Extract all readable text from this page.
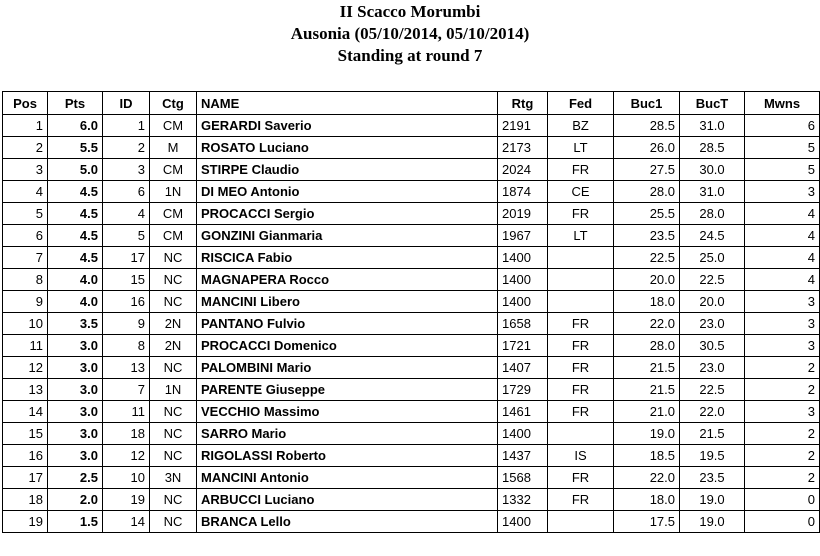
II Scacco Morumbi
Ausonia (05/10/2014, 05/10/2014)
Standing at round 7
Pos	Pts	ID	Ctg	NAME	Rtg	Fed	Buc1	BucT	Mwns
1	6.0	1	CM	GERARDI Saverio	2191	BZ	28.5	31.0	6
2	5.5	2	M	ROSATO Luciano	2173	LT	26.0	28.5	5
3	5.0	3	CM	STIRPE Claudio	2024	FR	27.5	30.0	5
4	4.5	6	1N	DI MEO Antonio	1874	CE	28.0	31.0	3
5	4.5	4	CM	PROCACCI Sergio	2019	FR	25.5	28.0	4
6	4.5	5	CM	GONZINI Gianmaria	1967	LT	23.5	24.5	4
7	4.5	17	NC	RISCICA Fabio	1400		22.5	25.0	4
8	4.0	15	NC	MAGNAPERA Rocco	1400		20.0	22.5	4
9	4.0	16	NC	MANCINI Libero	1400		18.0	20.0	3
10	3.5	9	2N	PANTANO Fulvio	1658	FR	22.0	23.0	3
11	3.0	8	2N	PROCACCI Domenico	1721	FR	28.0	30.5	3
12	3.0	13	NC	PALOMBINI Mario	1407	FR	21.5	23.0	2
13	3.0	7	1N	PARENTE Giuseppe	1729	FR	21.5	22.5	2
14	3.0	11	NC	VECCHIO Massimo	1461	FR	21.0	22.0	3
15	3.0	18	NC	SARRO Mario	1400		19.0	21.5	2
16	3.0	12	NC	RIGOLASSI Roberto	1437	IS	18.5	19.5	2
17	2.5	10	3N	MANCINI Antonio	1568	FR	22.0	23.5	2
18	2.0	19	NC	ARBUCCI Luciano	1332	FR	18.0	19.0	0
19	1.5	14	NC	BRANCA Lello	1400		17.5	19.0	0
